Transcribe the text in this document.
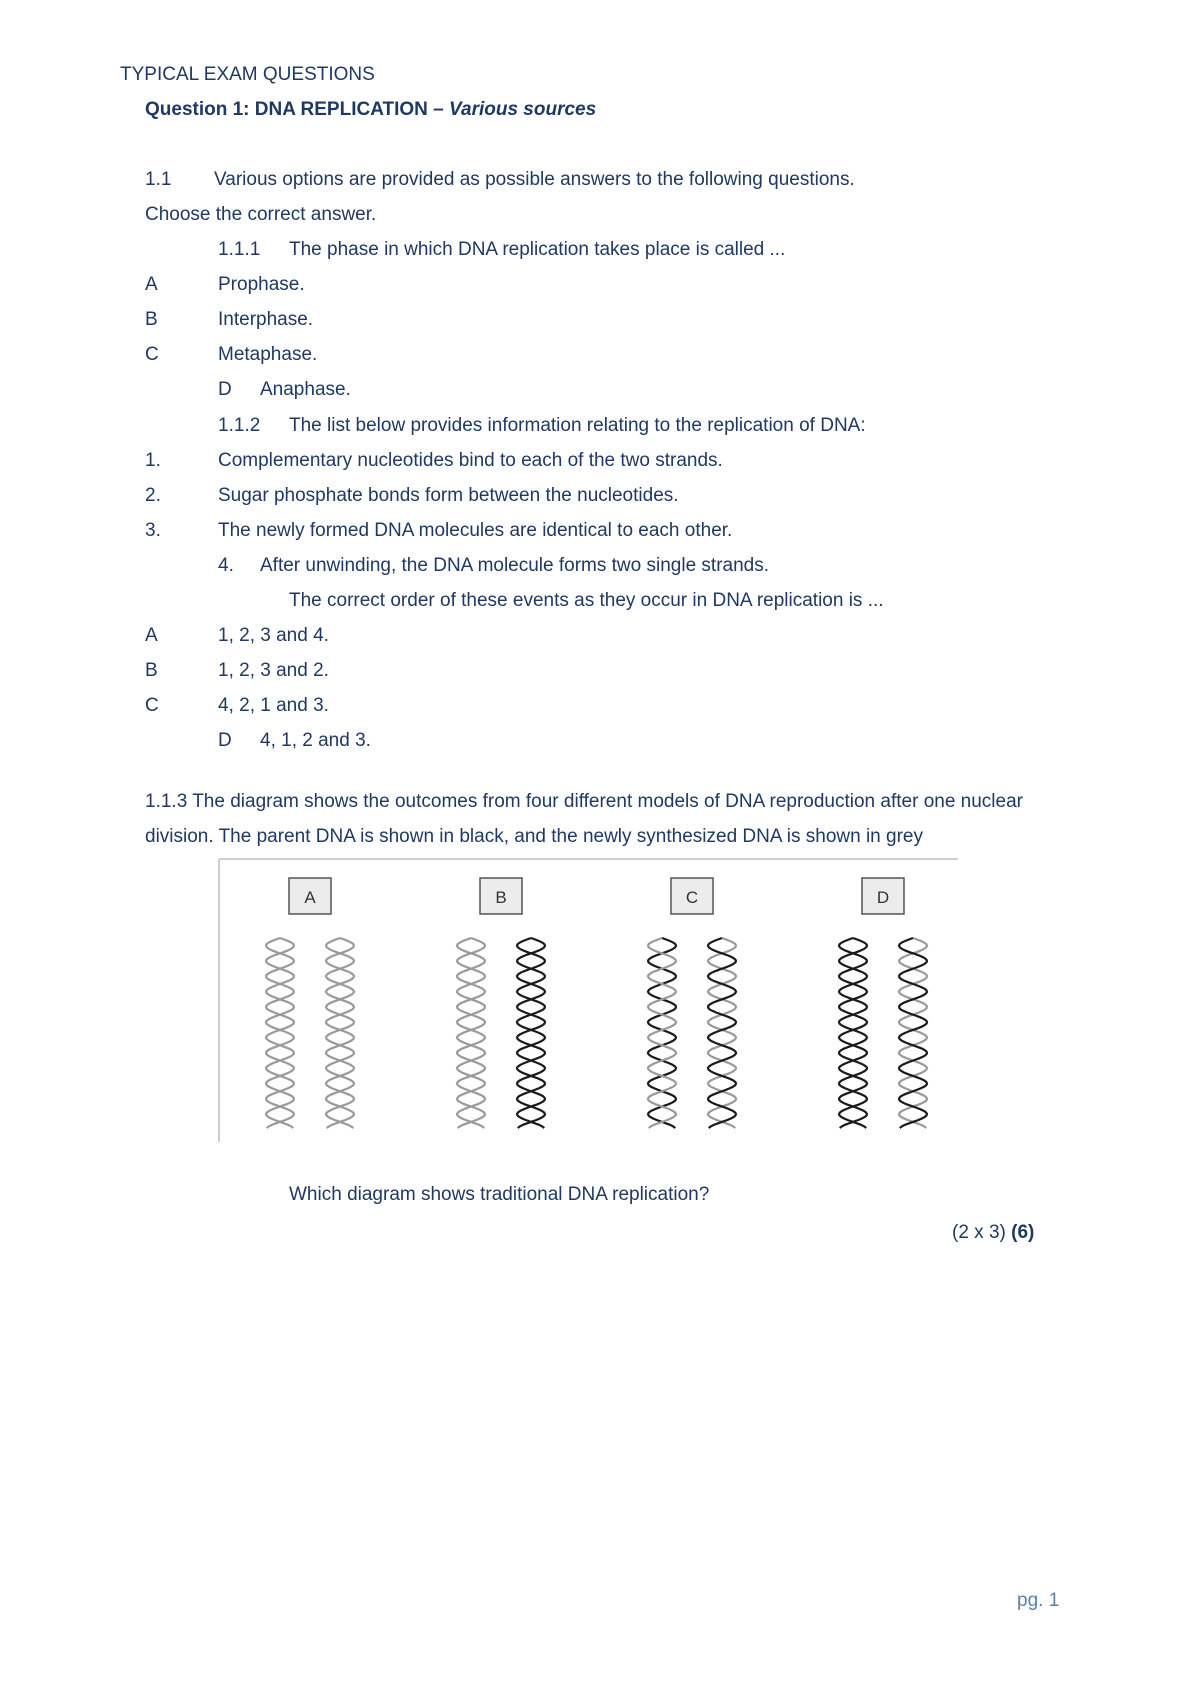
TYPICAL EXAM QUESTIONS
Question 1: DNA REPLICATION – Various sources
1.1 Various options are provided as possible answers to the following questions.
Choose the correct answer.
1.1.1 The phase in which DNA replication takes place is called ...
A	Prophase.
B	Interphase.
C	Metaphase.
D Anaphase.
1.1.2 The list below provides information relating to the replication of DNA:
1.	Complementary nucleotides bind to each of the two strands.
2.	Sugar phosphate bonds form between the nucleotides.
3.	The newly formed DNA molecules are identical to each other.
4. After unwinding, the DNA molecule forms two single strands.
The correct order of these events as they occur in DNA replication is ...
A	1, 2, 3 and 4.
B	1, 2, 3 and 2.
C	4, 2, 1 and 3.
D 4, 1, 2 and 3.
1.1.3 The diagram shows the outcomes from four different models of DNA reproduction after one nuclear
division. The parent DNA is shown in black, and the newly synthesized DNA is shown in grey
A	B	C	D
Which diagram shows traditional DNA replication?
(2 x 3) (6)
pg. 1
